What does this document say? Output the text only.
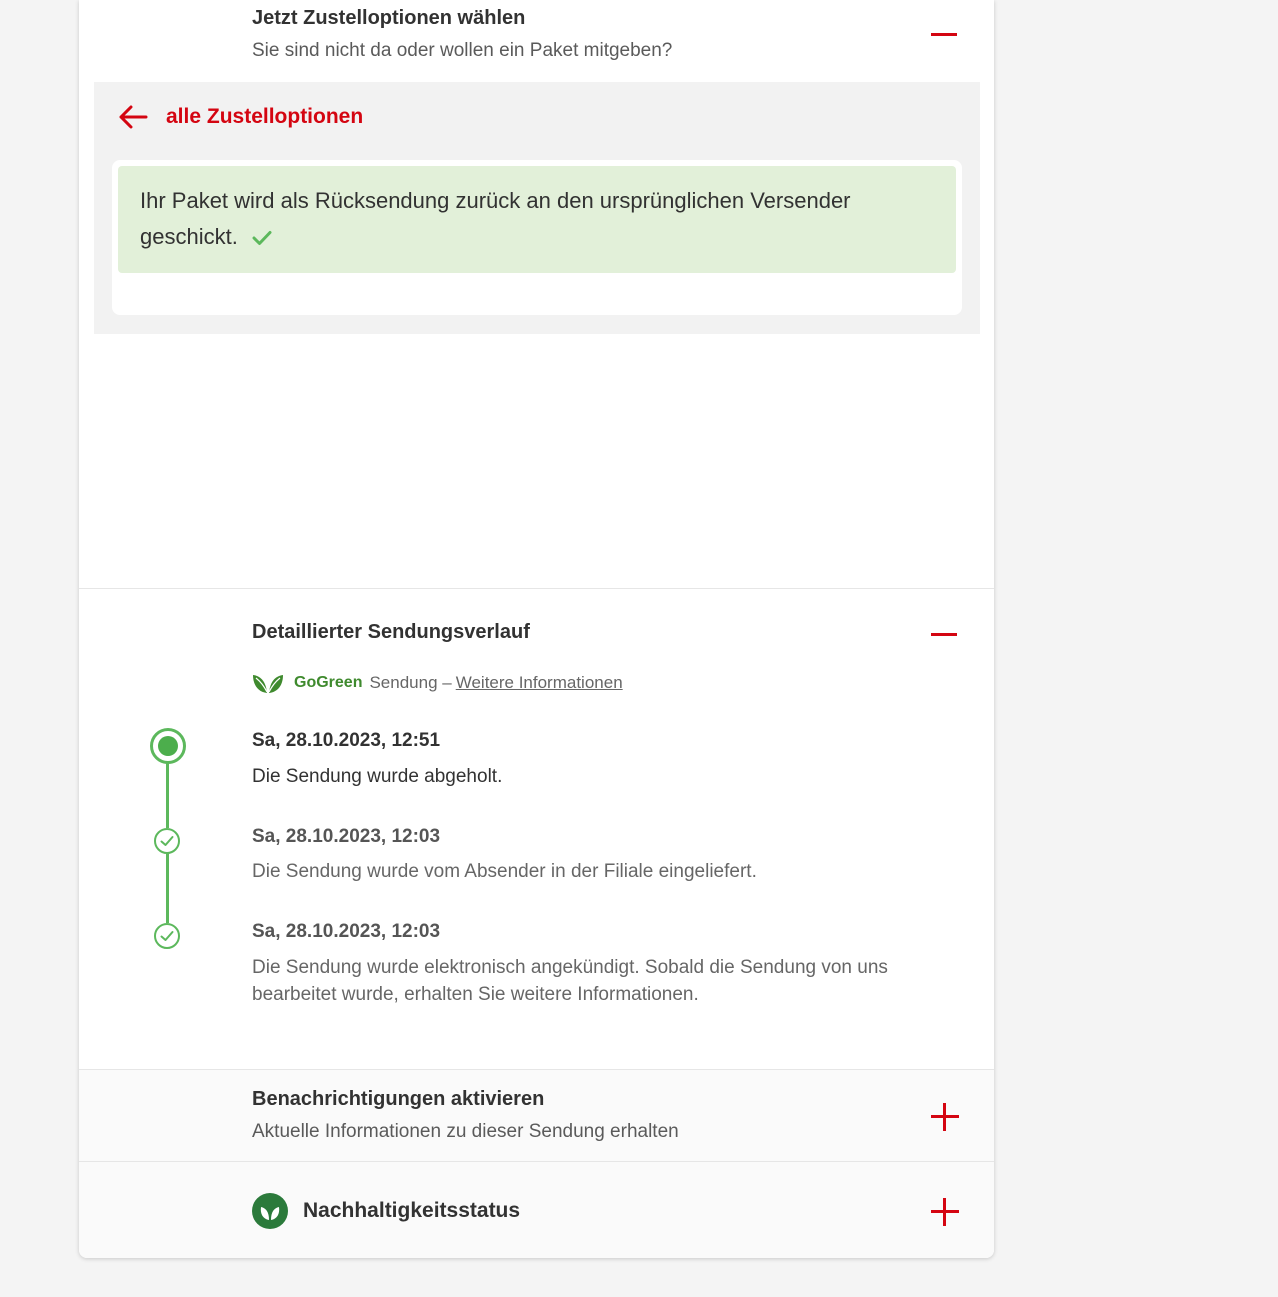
Jetzt Zustelloptionen wählen
Sie sind nicht da oder wollen ein Paket mitgeben?
alle Zustelloptionen
Ihr Paket wird als Rücksendung zurück an den ursprünglichen Versender geschickt.
Detaillierter Sendungsverlauf
GoGreen Sendung – Weitere Informationen
Sa, 28.10.2023, 12:51
Die Sendung wurde abgeholt.
Sa, 28.10.2023, 12:03
Die Sendung wurde vom Absender in der Filiale eingeliefert.
Sa, 28.10.2023, 12:03
Die Sendung wurde elektronisch angekündigt. Sobald die Sendung von uns bearbeitet wurde, erhalten Sie weitere Informationen.
Benachrichtigungen aktivieren
Aktuelle Informationen zu dieser Sendung erhalten
Nachhaltigkeitsstatus
